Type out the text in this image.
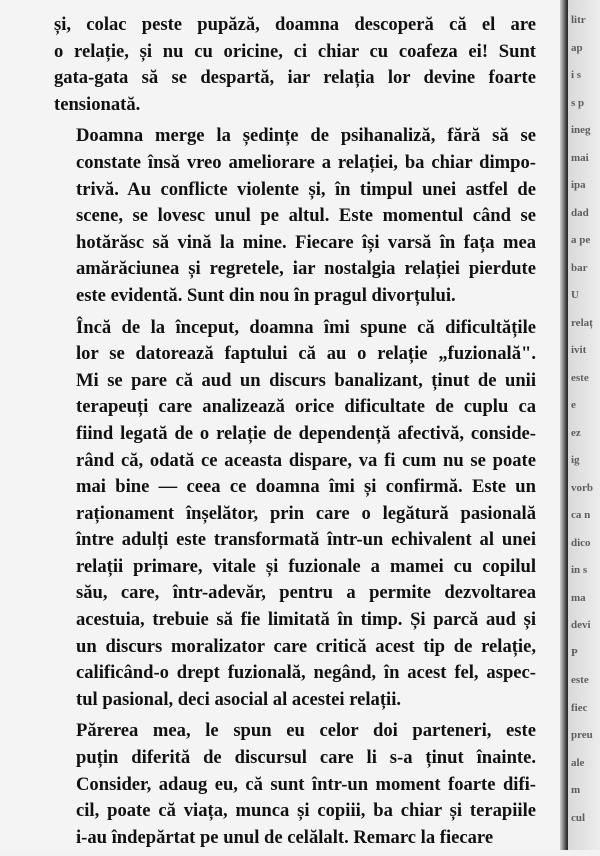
și, colac peste pupăză, doamna descoperă că el are
o relație, și nu cu oricine, ci chiar cu coafeza ei! Sunt
gata-gata să se despartă, iar relația lor devine foarte
tensionată.

Doamna merge la ședințe de psihanaliză, fără să se
constate însă vreo ameliorare a relației, ba chiar dimpo-
trivă. Au conflicte violente și, în timpul unei astfel de
scene, se lovesc unul pe altul. Este momentul când se
hotărăsc să vină la mine. Fiecare își varsă în fața mea
amărăciunea și regretele, iar nostalgia relației pierdute
este evidentă. Sunt din nou în pragul divorțului.

Încă de la început, doamna îmi spune că dificultățile
lor se datorează faptului că au o relație „fuzională".
Mi se pare că aud un discurs banalizant, ținut de unii
terapeuți care analizează orice dificultate de cuplu ca
fiind legată de o relație de dependență afectivă, conside-
rând că, odată ce aceasta dispare, va fi cum nu se poate
mai bine — ceea ce doamna îmi și confirmă. Este un
raționament înșelător, prin care o legătură pasională
între adulți este transformată într-un echivalent al unei
relații primare, vitale și fuzionale a mamei cu copilul
său, care, într-adevăr, pentru a permite dezvoltarea
acestuia, trebuie să fie limitată în timp. Și parcă aud și
un discurs moralizator care critică acest tip de relație,
calificând-o drept fuzională, negând, în acest fel, aspec-
tul pasional, deci asocial al acestei relații.

Părerea mea, le spun eu celor doi parteneri, este
puțin diferită de discursul care li s-a ținut înainte.
Consider, adaug eu, că sunt într-un moment foarte difi-
cil, poate că viața, munca și copiii, ba chiar și terapiile
i-au îndepărtat pe unul de celălalt. Remarc la fiecare

litr
ap
i s
s p
ineg
mai
ipa
dad
a pe
bar
U
relaț
ivit
este
e
ez
ig
vorb
ca n
dico
in s
ma
devi
P
este
fiec
preu
ale
m
cul
